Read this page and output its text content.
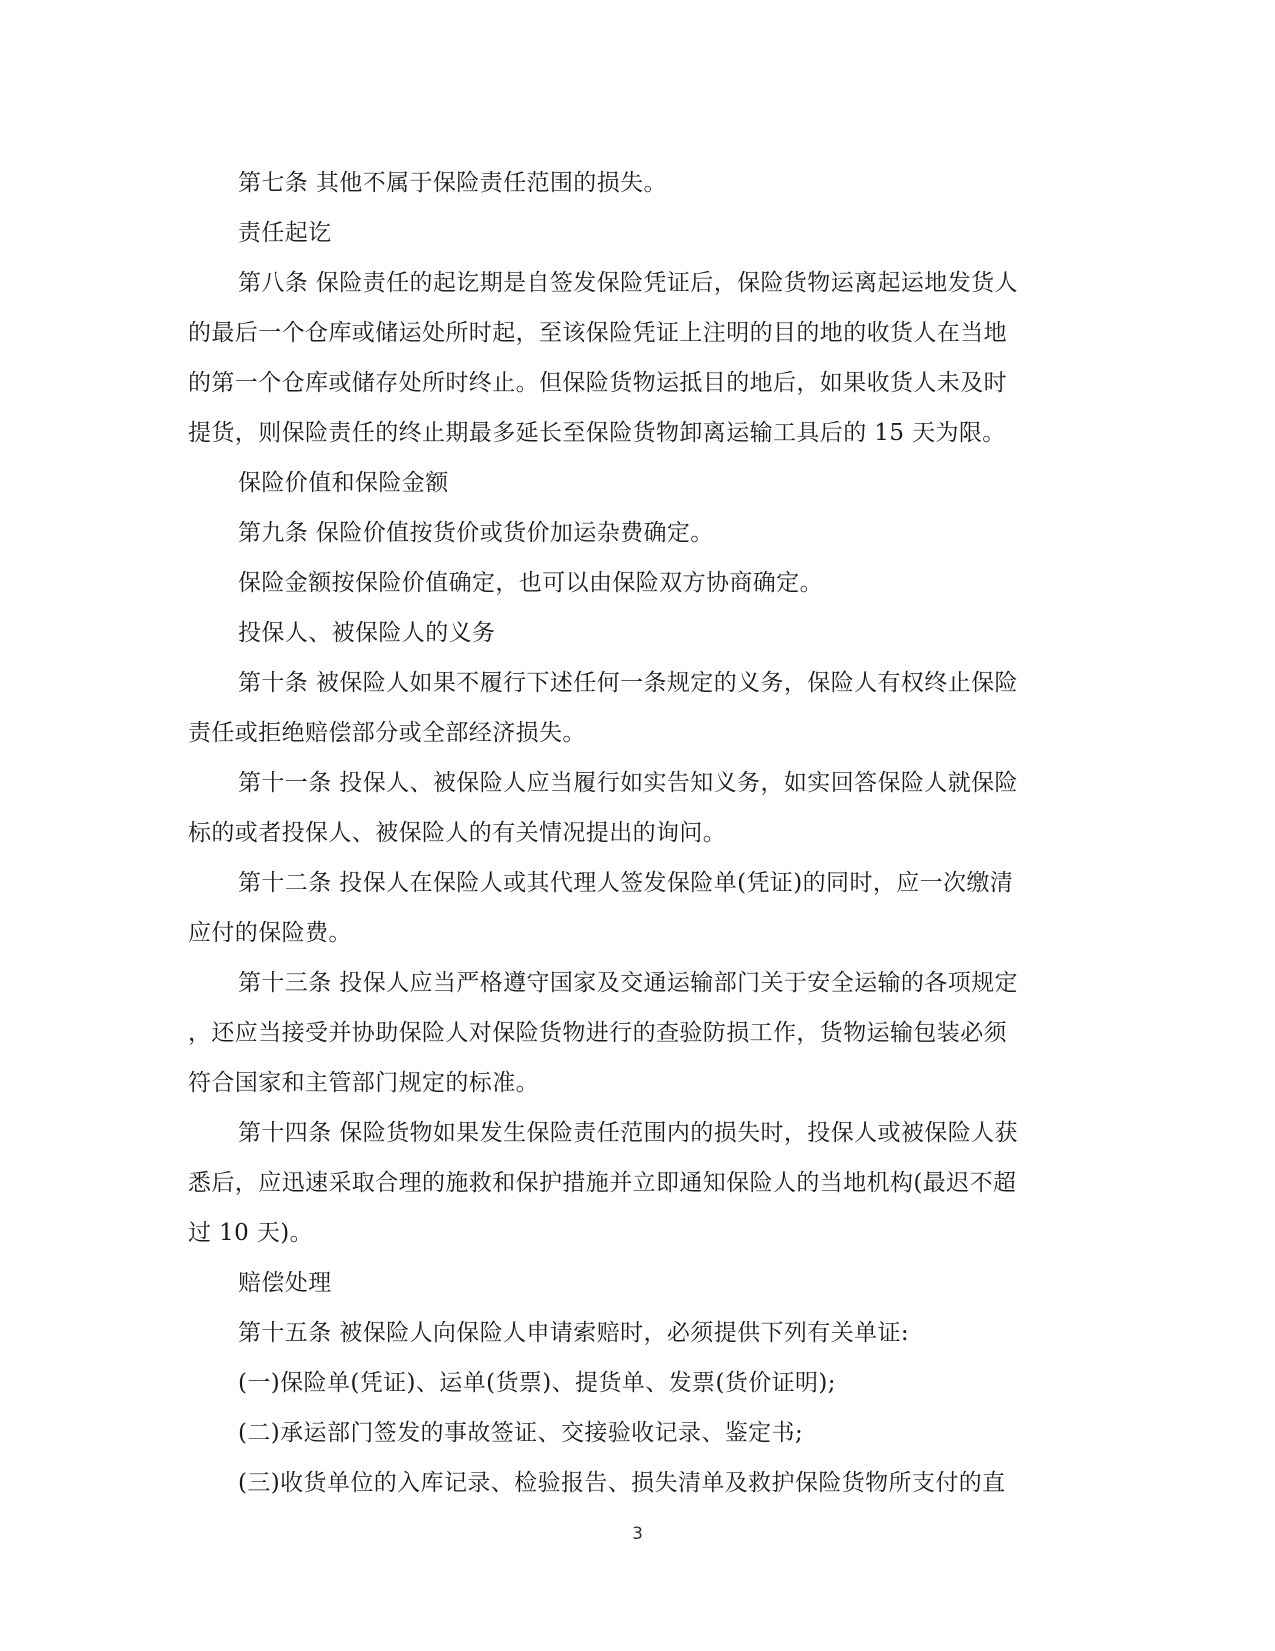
第七条 其他不属于保险责任范围的损失。
责任起讫
第八条 保险责任的起讫期是自签发保险凭证后，保险货物运离起运地发货人
的最后一个仓库或储运处所时起，至该保险凭证上注明的目的地的收货人在当地
的第一个仓库或储存处所时终止。但保险货物运抵目的地后，如果收货人未及时
提货，则保险责任的终止期最多延长至保险货物卸离运输工具后的 15 天为限。
保险价值和保险金额
第九条 保险价值按货价或货价加运杂费确定。
保险金额按保险价值确定，也可以由保险双方协商确定。
投保人、被保险人的义务
第十条 被保险人如果不履行下述任何一条规定的义务，保险人有权终止保险
责任或拒绝赔偿部分或全部经济损失。
第十一条 投保人、被保险人应当履行如实告知义务，如实回答保险人就保险
标的或者投保人、被保险人的有关情况提出的询问。
第十二条 投保人在保险人或其代理人签发保险单(凭证)的同时，应一次缴清
应付的保险费。
第十三条 投保人应当严格遵守国家及交通运输部门关于安全运输的各项规定
，还应当接受并协助保险人对保险货物进行的查验防损工作，货物运输包装必须
符合国家和主管部门规定的标准。
第十四条 保险货物如果发生保险责任范围内的损失时，投保人或被保险人获
悉后，应迅速采取合理的施救和保护措施并立即通知保险人的当地机构(最迟不超
过 10 天)。
赔偿处理
第十五条 被保险人向保险人申请索赔时，必须提供下列有关单证:
(一)保险单(凭证)、运单(货票)、提货单、发票(货价证明);
(二)承运部门签发的事故签证、交接验收记录、鉴定书;
(三)收货单位的入库记录、检验报告、损失清单及救护保险货物所支付的直
3
